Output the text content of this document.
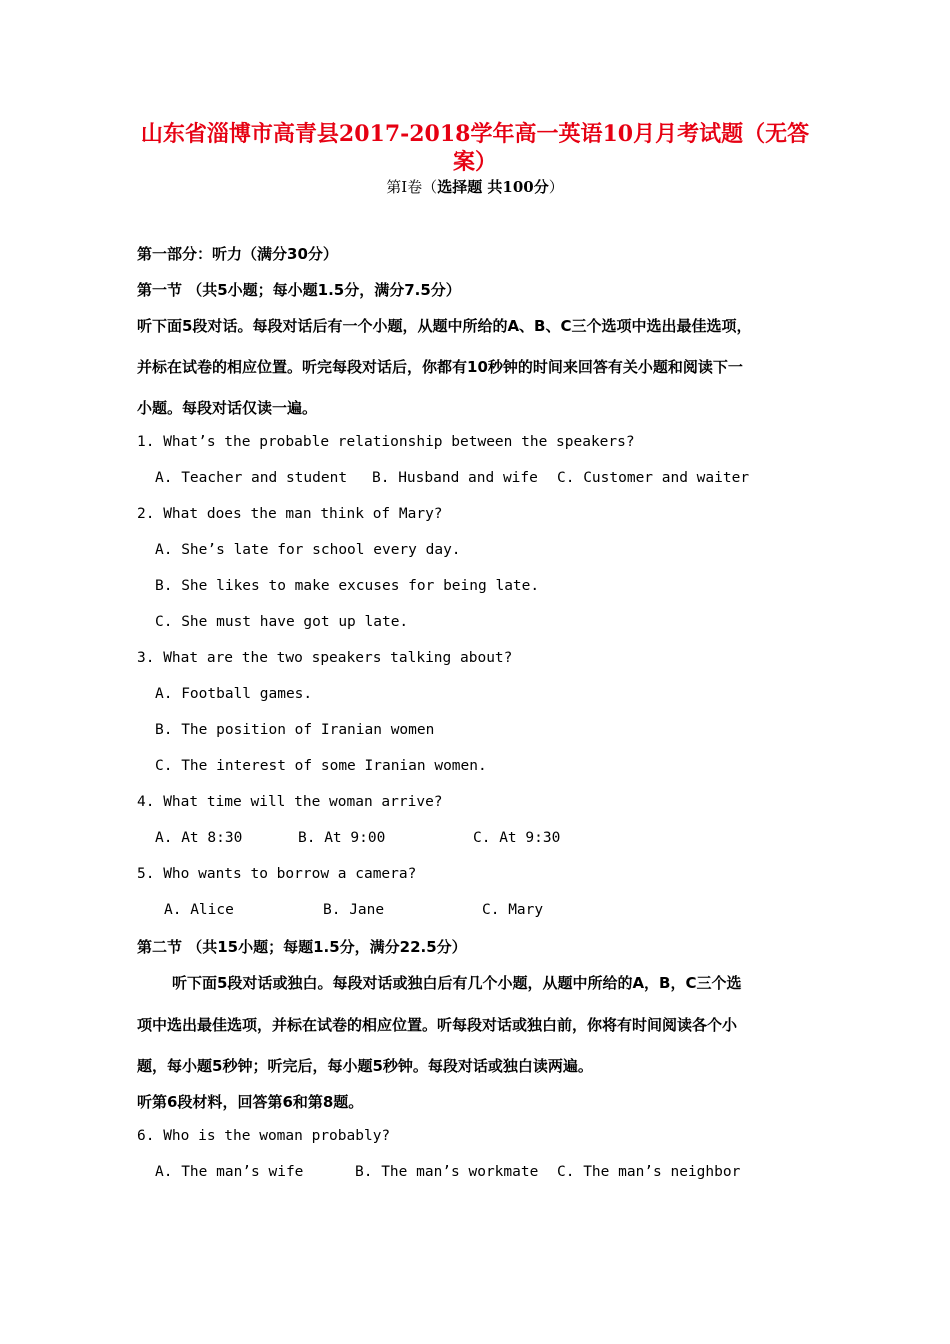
山东省淄博市高青县2017-2018学年高一英语10月月考试题（无答
案）
第I卷（选择题 共100分）
第一部分：听力（满分30分）
第一节 （共5小题；每小题1.5分，满分7.5分）
听下面5段对话。每段对话后有一个小题，从题中所给的A、B、C三个选项中选出最佳选项，
并标在试卷的相应位置。听完每段对话后，你都有10秒钟的时间来回答有关小题和阅读下一
小题。每段对话仅读一遍。
1. What’s the probable relationship between the speakers?
A. Teacher and student B. Husband and wife C. Customer and waiter
2. What does the man think of Mary?
A. She’s late for school every day.
B. She likes to make excuses for being late.
C. She must have got up late.
3. What are the two speakers talking about?
A. Football games.
B. The position of Iranian women
C. The interest of some Iranian women.
4. What time will the woman arrive?
A. At 8:30	B. At 9:00	C. At 9:30
5. Who wants to borrow a camera?
A. Alice	B. Jane	C. Mary
第二节 （共15小题；每题1.5分，满分22.5分）
听下面5段对话或独白。每段对话或独白后有几个小题，从题中所给的A，B，C三个选
项中选出最佳选项，并标在试卷的相应位置。听每段对话或独白前，你将有时间阅读各个小
题，每小题5秒钟；听完后，每小题5秒钟。每段对话或独白读两遍。
听第6段材料，回答第6和第8题。
6. Who is the woman probably?
A. The man’s wife	B. The man’s workmate C. The man’s neighbor
